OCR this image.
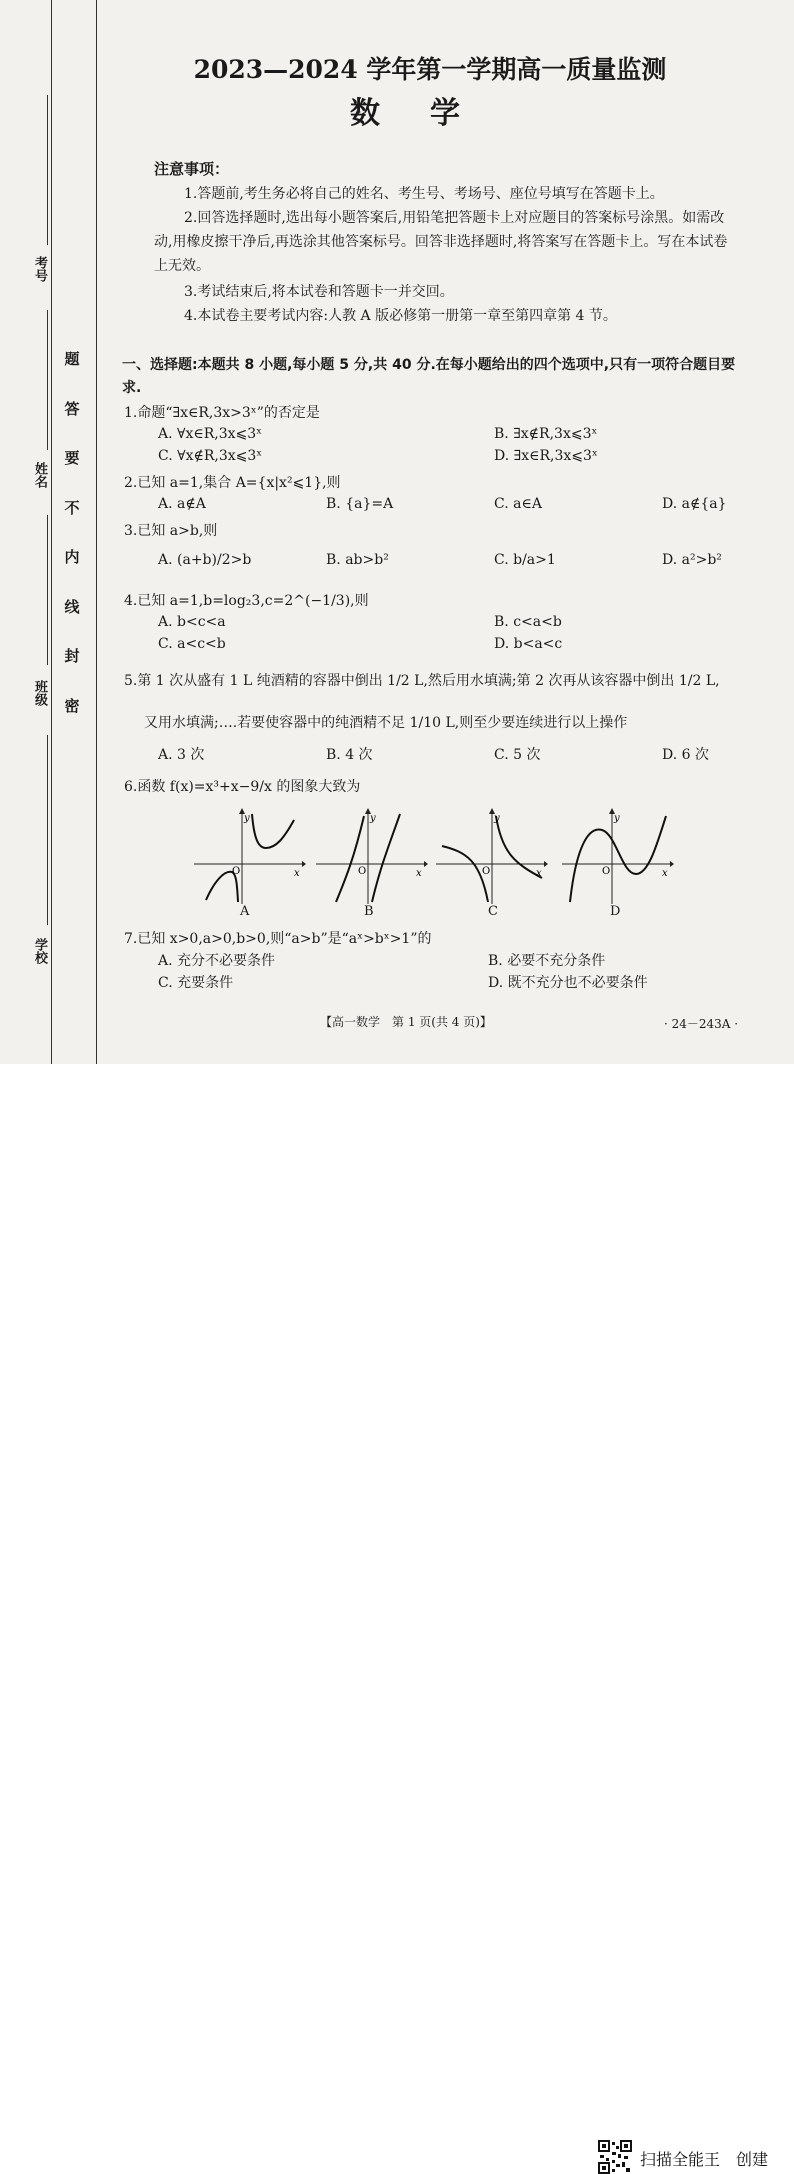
考号
姓名
班级
学校
密
封
线
内
不
要
答
题
2023—2024 学年第一学期高一质量监测
数学
注意事项：
1.答题前,考生务必将自己的姓名、考生号、考场号、座位号填写在答题卡上。
2.回答选择题时,选出每小题答案后,用铅笔把答题卡上对应题目的答案标号涂黑。如需改动,用橡皮擦干净后,再选涂其他答案标号。回答非选择题时,将答案写在答题卡上。写在本试卷上无效。
3.考试结束后,将本试卷和答题卡一并交回。
4.本试卷主要考试内容:人教 A 版必修第一册第一章至第四章第 4 节。
一、选择题:本题共 8 小题,每小题 5 分,共 40 分.在每小题给出的四个选项中,只有一项符合题目要求.
1.命题“∃x∈R,3x>3ˣ”的否定是
A. ∀x∈R,3x⩽3ˣ	B. ∃x∉R,3x⩽3ˣ
C. ∀x∉R,3x⩽3ˣ	D. ∃x∈R,3x⩽3ˣ
2.已知 a=1,集合 A={x|x²⩽1},则
A. a∉A	B. {a}=A	C. a∈A	D. a∉{a}
3.已知 a>b,则
A. (a+b)/2>b	B. ab>b²	C. b/a>1	D. a²>b²
4.已知 a=1,b=log₂3,c=2^(−1/3),则
A. b<c<a	B. c<a<b
C. a<c<b	D. b<a<c
5.第 1 次从盛有 1 L 纯酒精的容器中倒出 1/2 L,然后用水填满;第 2 次再从该容器中倒出 1/2 L,
又用水填满;….若要使容器中的纯酒精不足 1/10 L,则至少要连续进行以上操作
A. 3 次	B. 4 次	C. 5 次	D. 6 次
6.函数 f(x)=x³+x−9/x 的图象大致为
y
x
O
y
x
O
y
x
O
y
x
O
A	B	C	D
7.已知 x>0,a>0,b>0,则“a>b”是“aˣ>bˣ>1”的
A. 充分不必要条件	B. 必要不充分条件
C. 充要条件	D. 既不充分也不必要条件
【高一数学　第 1 页(共 4 页)】	· 24－243A ·
扫描全能王　创建
